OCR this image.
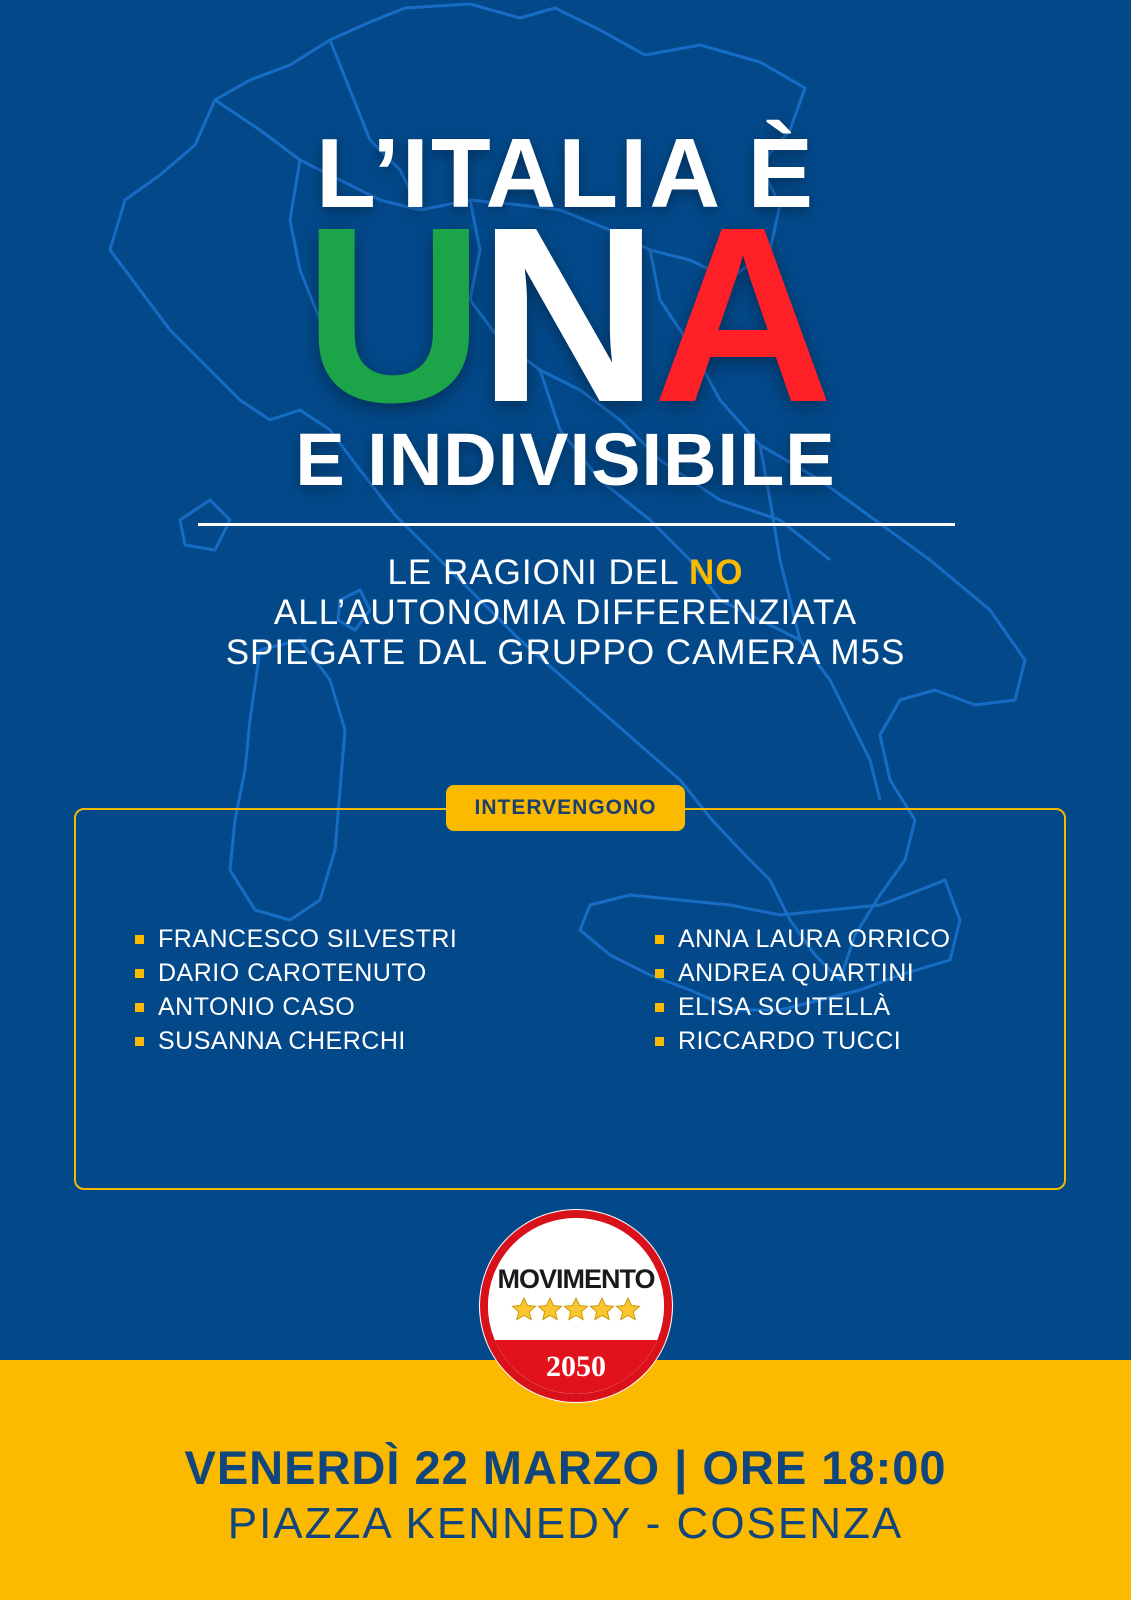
L’ITALIA È
UNA
E INDIVISIBILE
LE RAGIONI DEL NO
ALL’AUTONOMIA DIFFERENZIATA
SPIEGATE DAL GRUPPO CAMERA M5S
INTERVENGONO
FRANCESCO SILVESTRI
DARIO CAROTENUTO
ANTONIO CASO
SUSANNA CHERCHI
ANNA LAURA ORRICO
ANDREA QUARTINI
ELISA SCUTELLÀ
RICCARDO TUCCI
VENERDÌ 22 MARZO | ORE 18:00
PIAZZA KENNEDY - COSENZA
MOVIMENTO
2050
